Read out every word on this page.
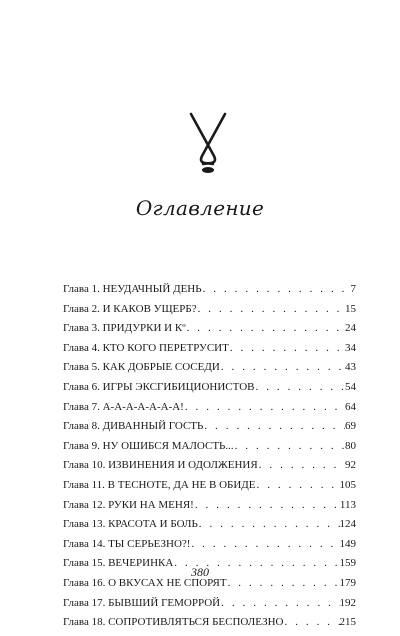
Оглавление
Глава 1. НЕУДАЧНЫЙ ДЕНЬ . . .	7
Глава 2. И КАКОВ УЩЕРБ? . . .	15
Глава 3. ПРИДУРКИ И Кº . . .	24
Глава 4. КТО КОГО ПЕРЕТРУСИТ . . .	34
Глава 5. КАК ДОБРЫЕ СОСЕДИ . . .	43
Глава 6. ИГРЫ ЭКСГИБИЦИОНИСТОВ . . .	54
Глава 7. А-А-А-А-А-А-А! . . .	64
Глава 8. ДИВАННЫЙ ГОСТЬ . . .	69
Глава 9. НУ ОШИБСЯ МАЛОСТЬ... . . .	80
Глава 10. ИЗВИНЕНИЯ И ОДОЛЖЕНИЯ . . .	92
Глава 11. В ТЕСНОТЕ, ДА НЕ В ОБИДЕ . . .	105
Глава 12. РУКИ НА МЕНЯ! . . .	113
Глава 13. КРАСОТА И БОЛЬ . . .	124
Глава 14. ТЫ СЕРЬЕЗНО?! . . .	149
Глава 15. ВЕЧЕРИНКА . . .	159
Глава 16. О ВКУСАХ НЕ СПОРЯТ . . .	179
Глава 17. БЫВШИЙ ГЕМОРРОЙ . . .	192
Глава 18. СОПРОТИВЛЯТЬСЯ БЕСПОЛЕЗНО . . .	215
380
